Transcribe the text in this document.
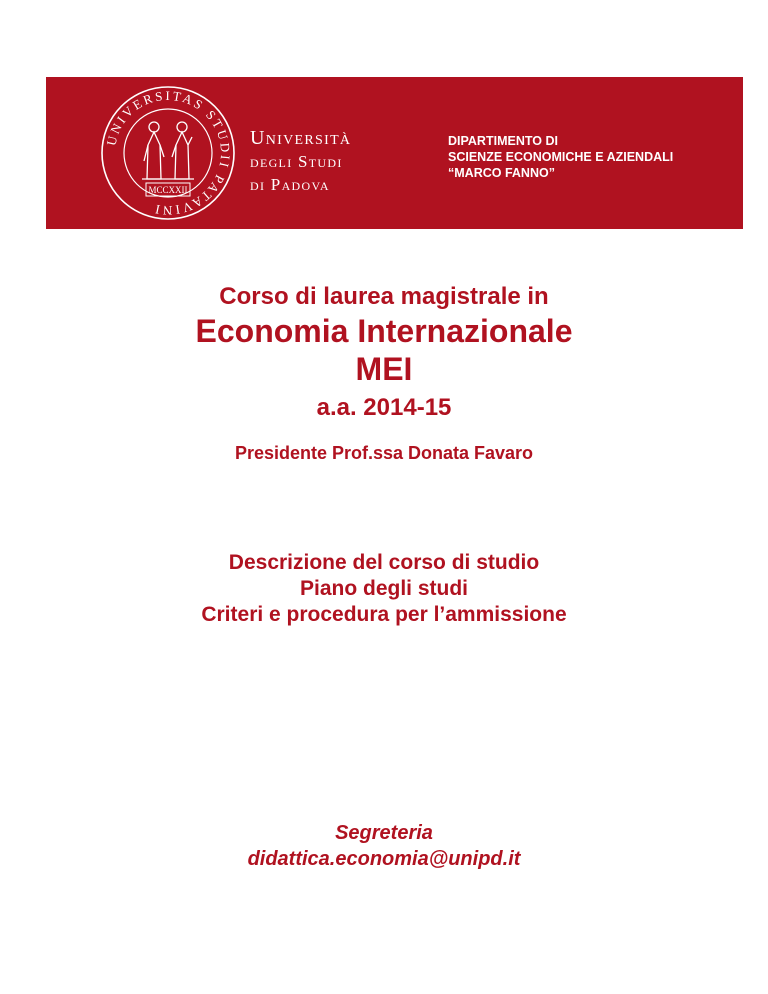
UNIVERSITAS STUDII PATAVINI
MCCXXII
Università
degli Studi
di Padova
DIPARTIMENTO DI
SCIENZE ECONOMICHE E AZIENDALI
“MARCO FANNO”
Corso di laurea magistrale in
Economia Internazionale
MEI
a.a. 2014-15
Presidente Prof.ssa Donata Favaro
Descrizione del corso di studio
Piano degli studi
Criteri e procedura per l’ammissione
Segreteria
didattica.economia@unipd.it
